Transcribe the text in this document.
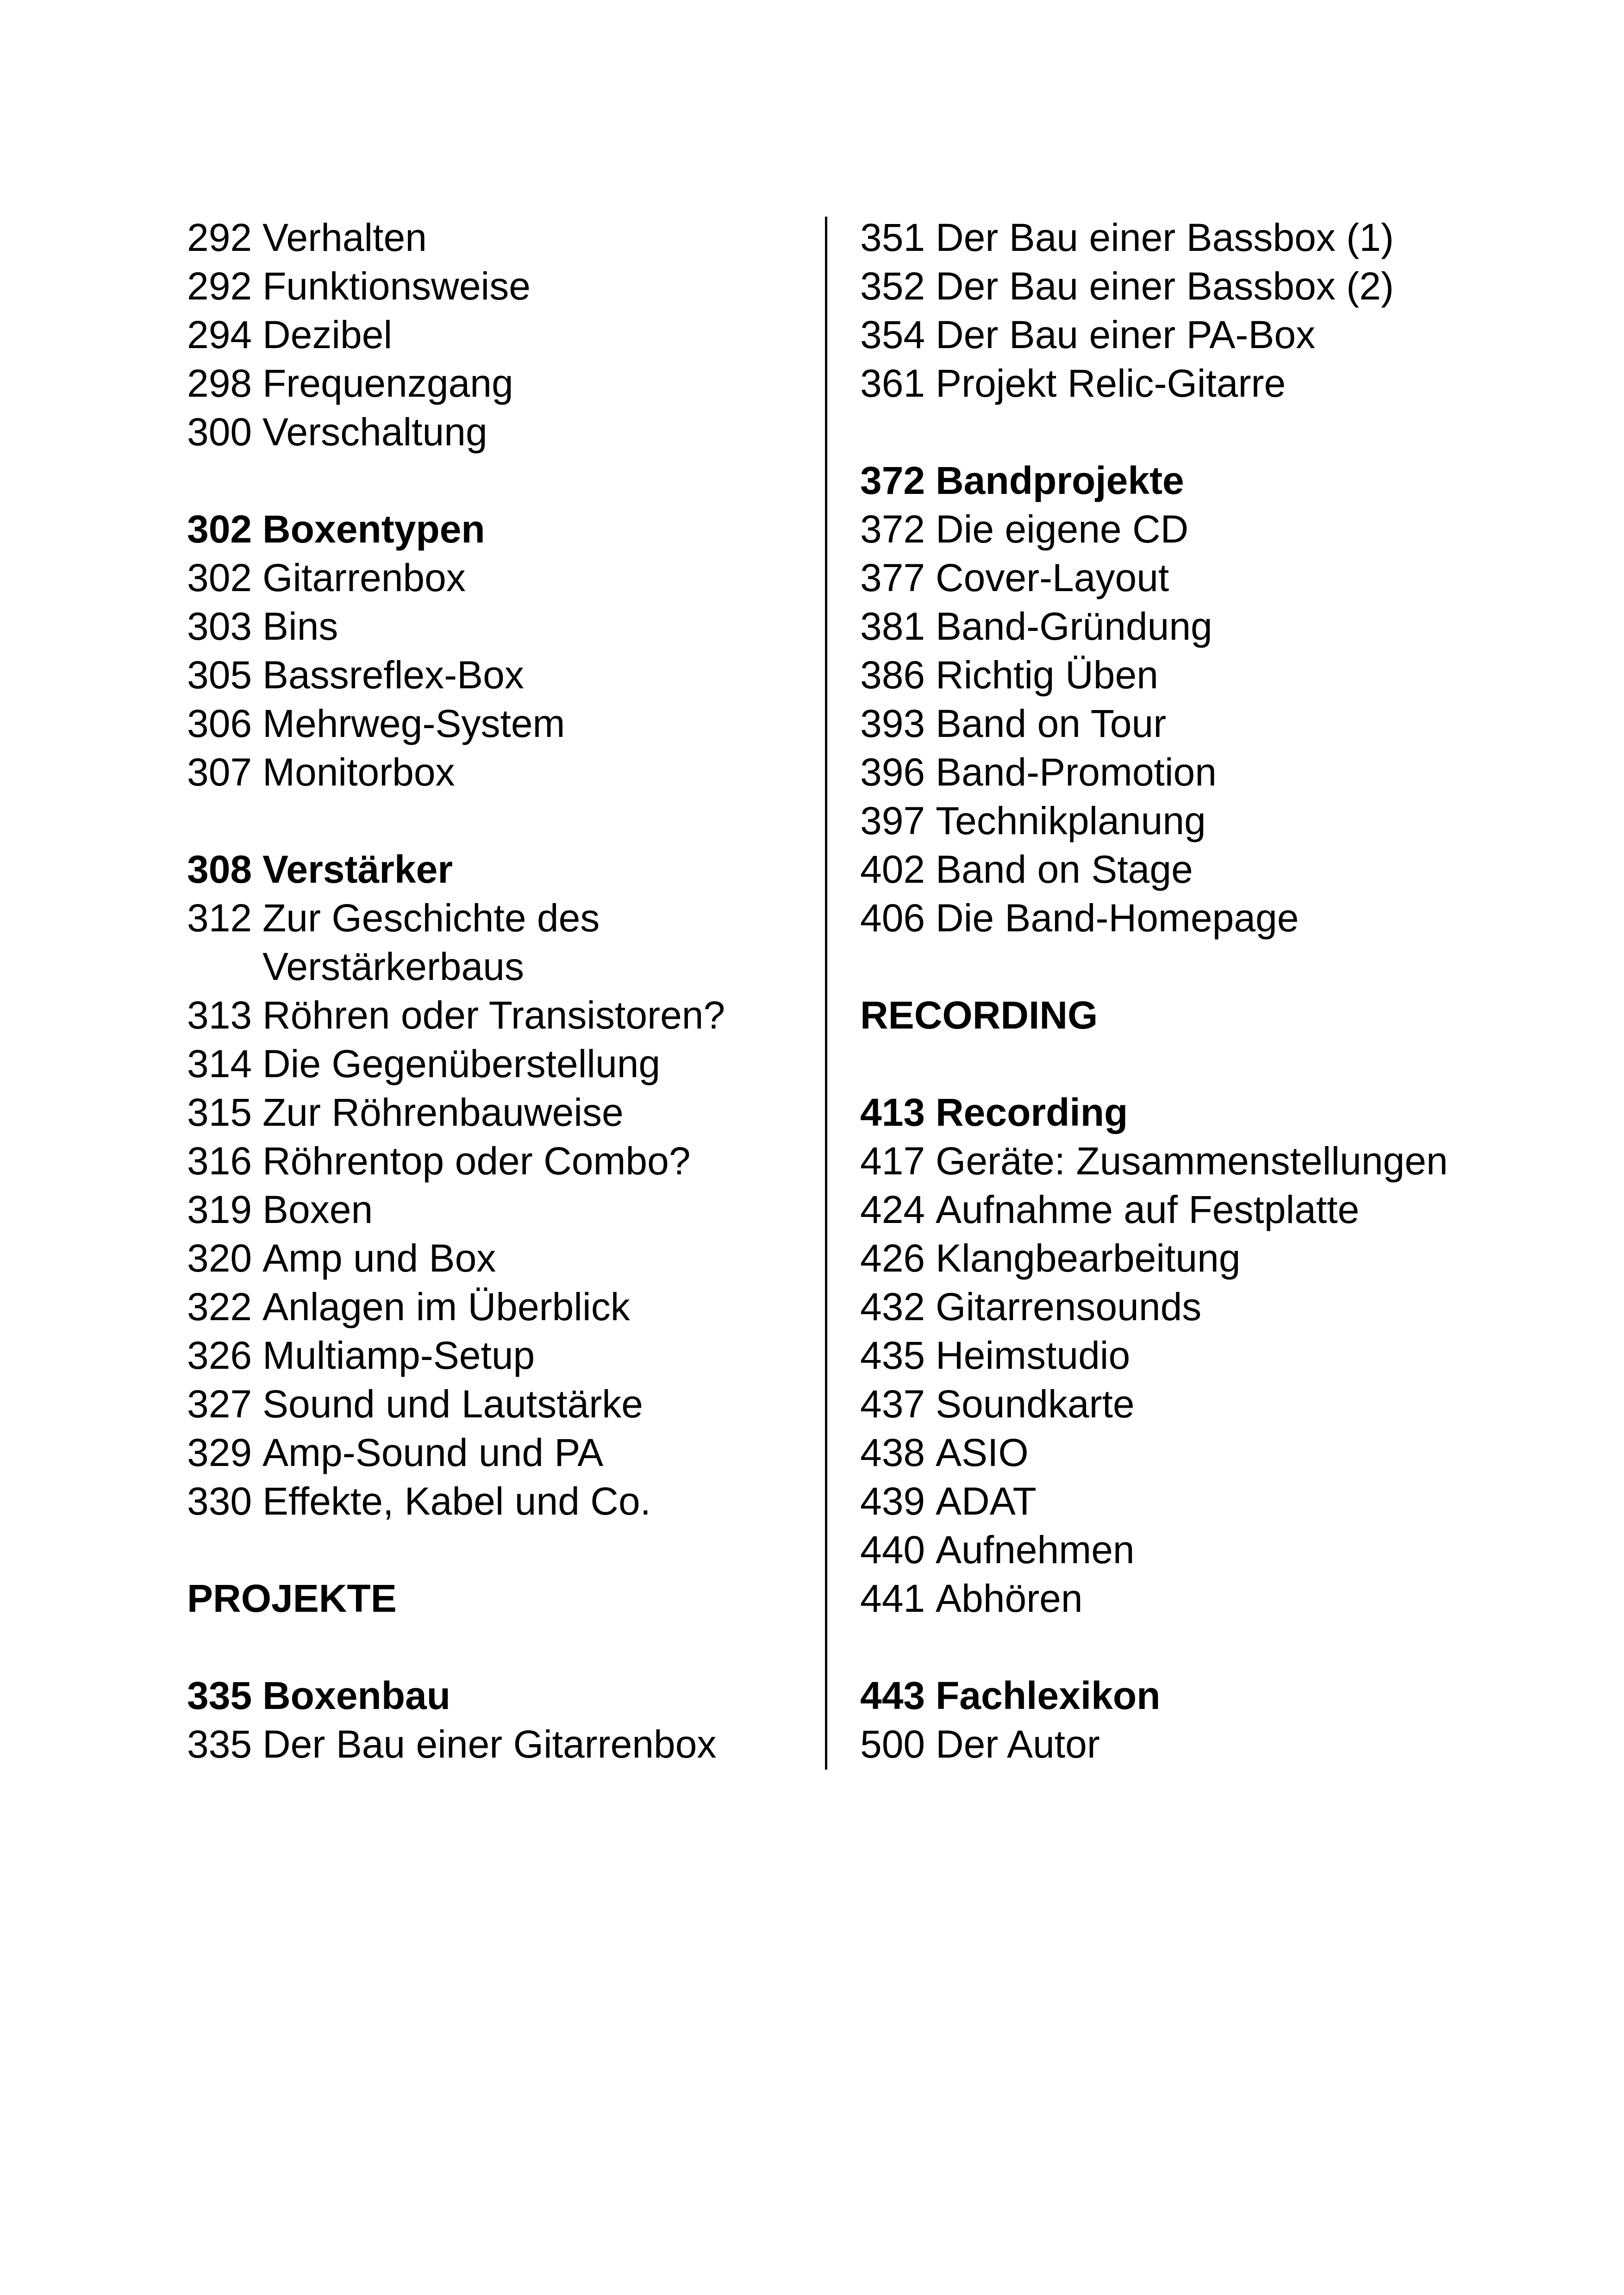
292 Verhalten
292 Funktionsweise
294 Dezibel
298 Frequenzgang
300 Verschaltung
302 Boxentypen
302 Gitarrenbox
303 Bins
305 Bassreflex-Box
306 Mehrweg-System
307 Monitorbox
308 Verstärker
312 Zur Geschichte des
Verstärkerbaus
313 Röhren oder Transistoren?
314 Die Gegenüberstellung
315 Zur Röhrenbauweise
316 Röhrentop oder Combo?
319 Boxen
320 Amp und Box
322 Anlagen im Überblick
326 Multiamp-Setup
327 Sound und Lautstärke
329 Amp-Sound und PA
330 Effekte, Kabel und Co.
PROJEKTE
335 Boxenbau
335 Der Bau einer Gitarrenbox
351 Der Bau einer Bassbox (1)
352 Der Bau einer Bassbox (2)
354 Der Bau einer PA-Box
361 Projekt Relic-Gitarre
372 Bandprojekte
372 Die eigene CD
377 Cover-Layout
381 Band-Gründung
386 Richtig Üben
393 Band on Tour
396 Band-Promotion
397 Technikplanung
402 Band on Stage
406 Die Band-Homepage
RECORDING
413 Recording
417 Geräte: Zusammenstellungen
424 Aufnahme auf Festplatte
426 Klangbearbeitung
432 Gitarrensounds
435 Heimstudio
437 Soundkarte
438 ASIO
439 ADAT
440 Aufnehmen
441 Abhören
443 Fachlexikon
500 Der Autor
